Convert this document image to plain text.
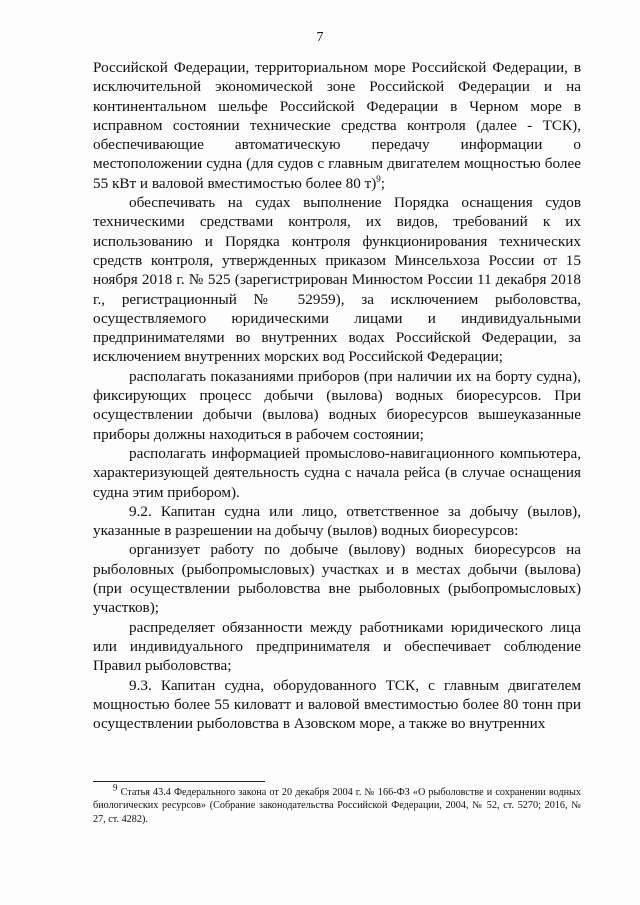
7

Российской Федерации, территориальном море Российской Федерации, в исключительной экономической зоне Российской Федерации и на континентальном шельфе Российской Федерации в Черном море в исправном состоянии технические средства контроля (далее - ТСК), обеспечивающие автоматическую передачу информации о местоположении судна (для судов с главным двигателем мощностью более 55 кВт и валовой вместимостью более 80 т)$^9$;

обеспечивать на судах выполнение Порядка оснащения судов техническими средствами контроля, их видов, требований к их использованию и Порядка контроля функционирования технических средств контроля, утвержденных приказом Минсельхоза России от 15 ноября 2018 г. № 525 (зарегистрирован Минюстом России 11 декабря 2018 г., регистрационный № 52959), за исключением рыболовства, осуществляемого юридическими лицами и индивидуальными предпринимателями во внутренних водах Российской Федерации, за исключением внутренних морских вод Российской Федерации;

располагать показаниями приборов (при наличии их на борту судна), фиксирующих процесс добычи (вылова) водных биоресурсов. При осуществлении добычи (вылова) водных биоресурсов вышеуказанные приборы должны находиться в рабочем состоянии;

располагать информацией промыслово-навигационного компьютера, характеризующей деятельность судна с начала рейса (в случае оснащения судна этим прибором).

9.2. Капитан судна или лицо, ответственное за добычу (вылов), указанные в разрешении на добычу (вылов) водных биоресурсов:

организует работу по добыче (вылову) водных биоресурсов на рыболовных (рыбопромысловых) участках и в местах добычи (вылова) (при осуществлении рыболовства вне рыболовных (рыбопромысловых) участков);

распределяет обязанности между работниками юридического лица или индивидуального предпринимателя и обеспечивает соблюдение Правил рыболовства;

9.3. Капитан судна, оборудованного ТСК, с главным двигателем мощностью более 55 киловатт и валовой вместимостью более 80 тонн при осуществлении рыболовства в Азовском море, а также во внутренних

$^9$ Статья 43.4 Федерального закона от 20 декабря 2004 г. № 166-ФЗ «О рыболовстве и сохранении водных биологических ресурсов» (Собрание законодательства Российской Федерации, 2004, № 52, ст. 5270; 2016, № 27, ст. 4282).
